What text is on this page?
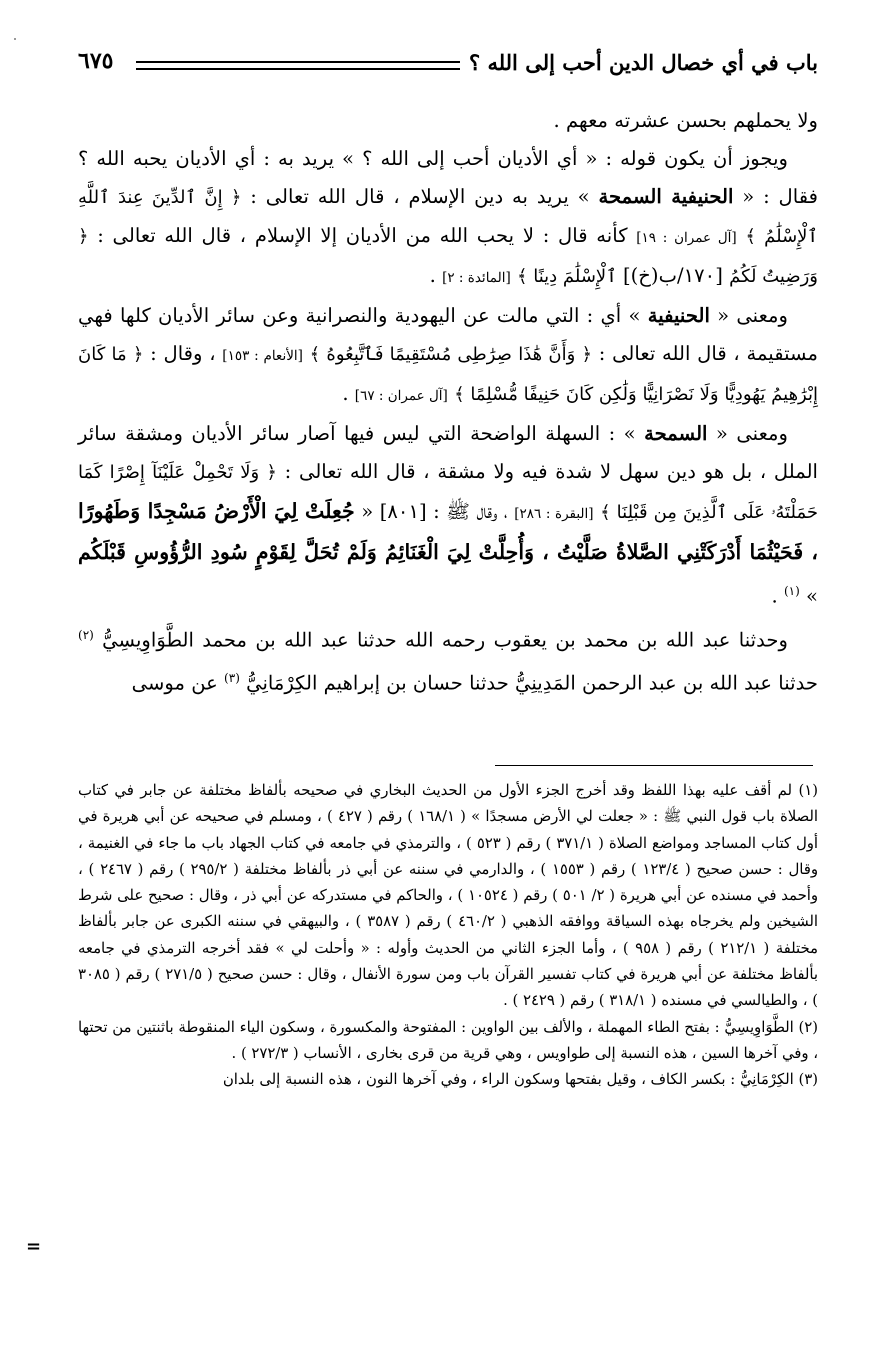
باب في أي خصال الدين أحب إلى الله ؟
٦٧٥

ولا يحملهم بحسن عشرته معهم .

ويجوز أن يكون قوله : « أي الأديان أحب إلى الله ؟ » يريد به : أي الأديان يحبه الله ؟ فقال : « الحنيفية السمحة » يريد به دين الإسلام ، قال الله تعالى : ﴿ إِنَّ ٱلدِّينَ عِندَ ٱللَّهِ ٱلْإِسْلَٰمُ ﴾ [آل عمران : ١٩] كأنه قال : لا يحب الله من الأديان إلا الإسلام ، قال الله تعالى : ﴿ وَرَضِيتُ لَكُمُ [١٧٠/ب(خ)] ٱلْإِسْلَٰمَ دِينًا ﴾ [المائدة : ٢] .

ومعنى « الحنيفية » أي : التي مالت عن اليهودية والنصرانية وعن سائر الأديان كلها فهي مستقيمة ، قال الله تعالى : ﴿ وَأَنَّ هَٰذَا صِرَٰطِى مُسْتَقِيمًا فَٱتَّبِعُوهُ ﴾ [الأنعام : ١٥٣] ، وقال : ﴿ مَا كَانَ إِبْرَٰهِيمُ يَهُودِيًّا وَلَا نَصْرَانِيًّا وَلَٰكِن كَانَ حَنِيفًا مُّسْلِمًا ﴾ [آل عمران : ٦٧] .

ومعنى « السمحة » : السهلة الواضحة التي ليس فيها آصار سائر الأديان ومشقة سائر الملل ، بل هو دين سهل لا شدة فيه ولا مشقة ، قال الله تعالى : ﴿ وَلَا تَحْمِلْ عَلَيْنَآ إِصْرًا كَمَا حَمَلْتَهُۥ عَلَى ٱلَّذِينَ مِن قَبْلِنَا ﴾ [البقرة : ٢٨٦] ، وقال ﷺ : [٨٠١] « جُعِلَتْ لِيَ الْأَرْضُ مَسْجِدًا وَطَهُورًا ، فَحَيْثُمَا أَدْرَكَتْنِي الصَّلاةُ صَلَّيْتُ ، وَأُحِلَّتْ لِيَ الْغَنَائِمُ وَلَمْ تُحَلَّ لِقَوْمٍ سُودِ الرُّؤُوسِ قَبْلَكُم » $^{(١)}$ .

وحدثنا عبد الله بن محمد بن يعقوب رحمه الله حدثنا عبد الله بن محمد الطَّوَاوِيسِيُّ $^{(٢)}$ حدثنا عبد الله بن عبد الرحمن المَدِينِيُّ حدثنا حسان بن إبراهيم الكِرْمَانِيُّ $^{(٣)}$ عن موسى

(١) لم أقف عليه بهذا اللفظ وقد أخرج الجزء الأول من الحديث البخاري في صحيحه بألفاظ مختلفة عن جابر في كتاب الصلاة باب قول النبي ﷺ : « جعلت لي الأرض مسجدًا » ( ١٦٨/١ ) رقم ( ٤٢٧ ) ، ومسلم في صحيحه عن أبي هريرة في أول كتاب المساجد ومواضع الصلاة ( ٣٧١/١ ) رقم ( ٥٢٣ ) ، والترمذي في جامعه في كتاب الجهاد باب ما جاء في الغنيمة ، وقال : حسن صحيح ( ١٢٣/٤ ) رقم ( ١٥٥٣ ) ، والدارمي في سننه عن أبي ذر بألفاظ مختلفة ( ٢٩٥/٢ ) رقم ( ٢٤٦٧ ) ، وأحمد في مسنده عن أبي هريرة ( ٢/ ٥٠١ ) رقم ( ١٠٥٢٤ ) ، والحاكم في مستدركه عن أبي ذر ، وقال : صحيح على شرط الشيخين ولم يخرجاه بهذه السياقة ووافقه الذهبي ( ٤٦٠/٢ ) رقم ( ٣٥٨٧ ) ، والبيهقي في سننه الكبرى عن جابر بألفاظ مختلفة ( ٢١٢/١ ) رقم ( ٩٥٨ ) ، وأما الجزء الثاني من الحديث وأوله : « وأحلت لي » فقد أخرجه الترمذي في جامعه بألفاظ مختلفة عن أبي هريرة في كتاب تفسير القرآن باب ومن سورة الأنفال ، وقال : حسن صحيح ( ٢٧١/٥ ) رقم ( ٣٠٨٥ ) ، والطيالسي في مسنده ( ٣١٨/١ ) رقم ( ٢٤٢٩ ) .

(٢) الطَّوَاوِيسِيُّ : بفتح الطاء المهملة ، والألف بين الواوين : المفتوحة والمكسورة ، وسكون الياء المنقوطة باثنتين من تحتها ، وفي آخرها السين ، هذه النسبة إلى طواويس ، وهي قرية من قرى بخارى ، الأنساب ( ٢٧٢/٣ ) .

(٣) الكِرْمَانِيُّ : بكسر الكاف ، وقيل بفتحها وسكون الراء ، وفي آخرها النون ، هذه النسبة إلى بلدان

=
